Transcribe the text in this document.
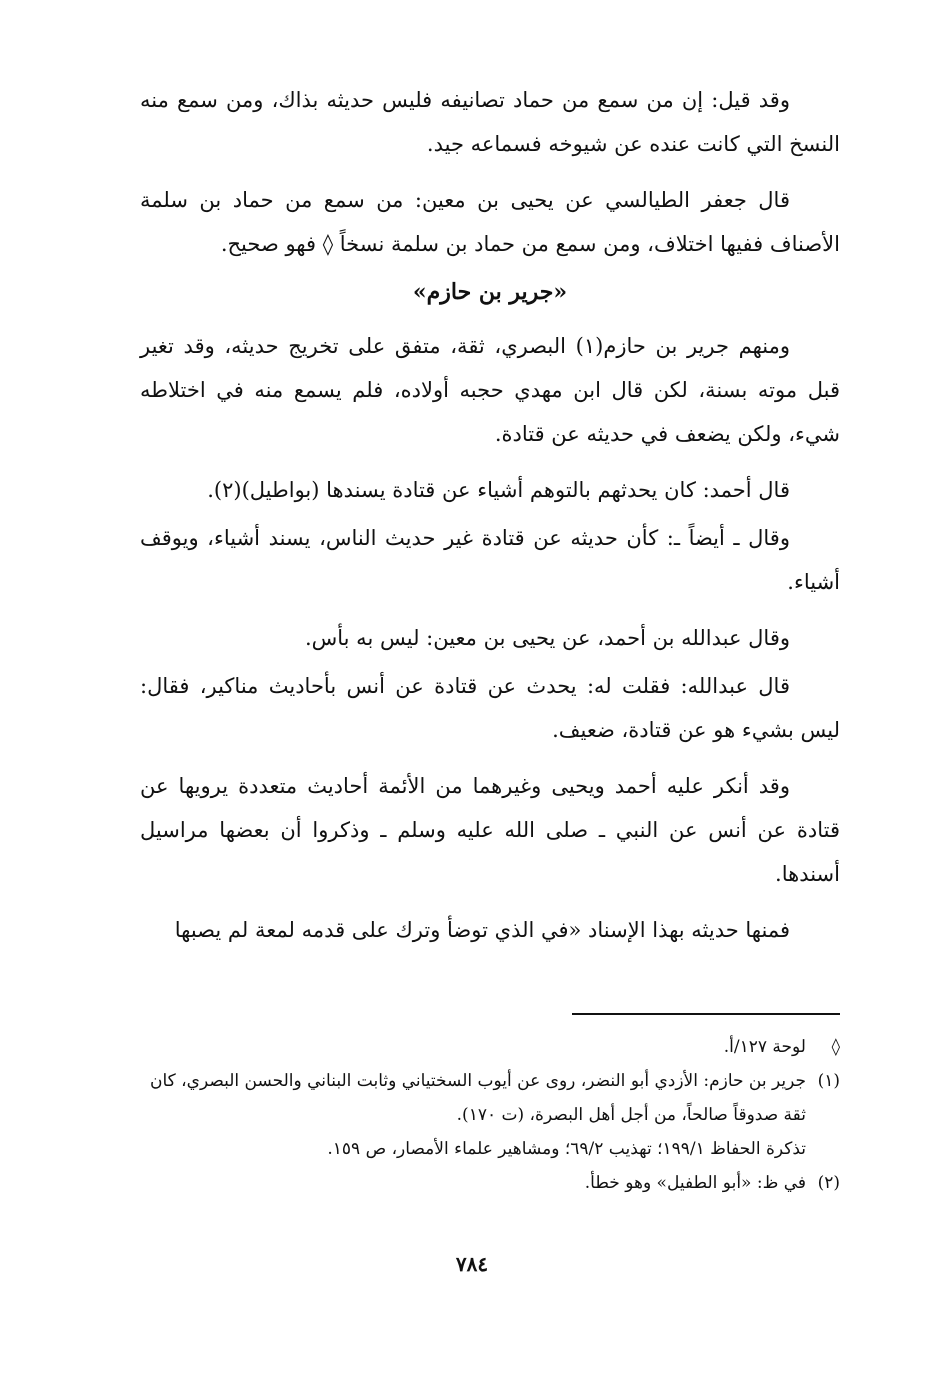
وقد قيل: إن من سمع من حماد تصانيفه فليس حديثه بذاك، ومن سمع منه النسخ التي كانت عنده عن شيوخه فسماعه جيد.

قال جعفر الطيالسي عن يحيى بن معين: من سمع من حماد بن سلمة الأصناف ففيها اختلاف، ومن سمع من حماد بن سلمة نسخاً ◊ فهو صحيح.

«جرير بن حازم»

ومنهم جرير بن حازم(١) البصري، ثقة، متفق على تخريج حديثه، وقد تغير قبل موته بسنة، لكن قال ابن مهدي حجبه أولاده، فلم يسمع منه في اختلاطه شيء، ولكن يضعف في حديثه عن قتادة.

قال أحمد: كان يحدثهم بالتوهم أشياء عن قتادة يسندها (بواطيل)(٢).

وقال ـ أيضاً ـ: كأن حديثه عن قتادة غير حديث الناس، يسند أشياء، ويوقف أشياء.

وقال عبدالله بن أحمد، عن يحيى بن معين: ليس به بأس.

قال عبدالله: فقلت له: يحدث عن قتادة عن أنس بأحاديث مناكير، فقال: ليس بشيء هو عن قتادة، ضعيف.

وقد أنكر عليه أحمد ويحيى وغيرهما من الأئمة أحاديث متعددة يرويها عن قتادة عن أنس عن النبي ـ صلى الله عليه وسلم ـ وذكروا أن بعضها مراسيل أسندها.

فمنها حديثه بهذا الإسناد «في الذي توضأ وترك على قدمه لمعة لم يصبها

◊لوحة ١٢٧/أ.

(١)جرير بن حازم: الأزدي أبو النضر، روى عن أيوب السختياني وثابت البناني والحسن البصري، كان ثقة صدوقاً صالحاً، من أجل أهل البصرة، (ت ١٧٠).

تذكرة الحفاظ ١٩٩/١؛ تهذيب ٦٩/٢؛ ومشاهير علماء الأمصار، ص ١٥٩.

(٢)في ظ: «أبو الطفيل» وهو خطأ.

٧٨٤
